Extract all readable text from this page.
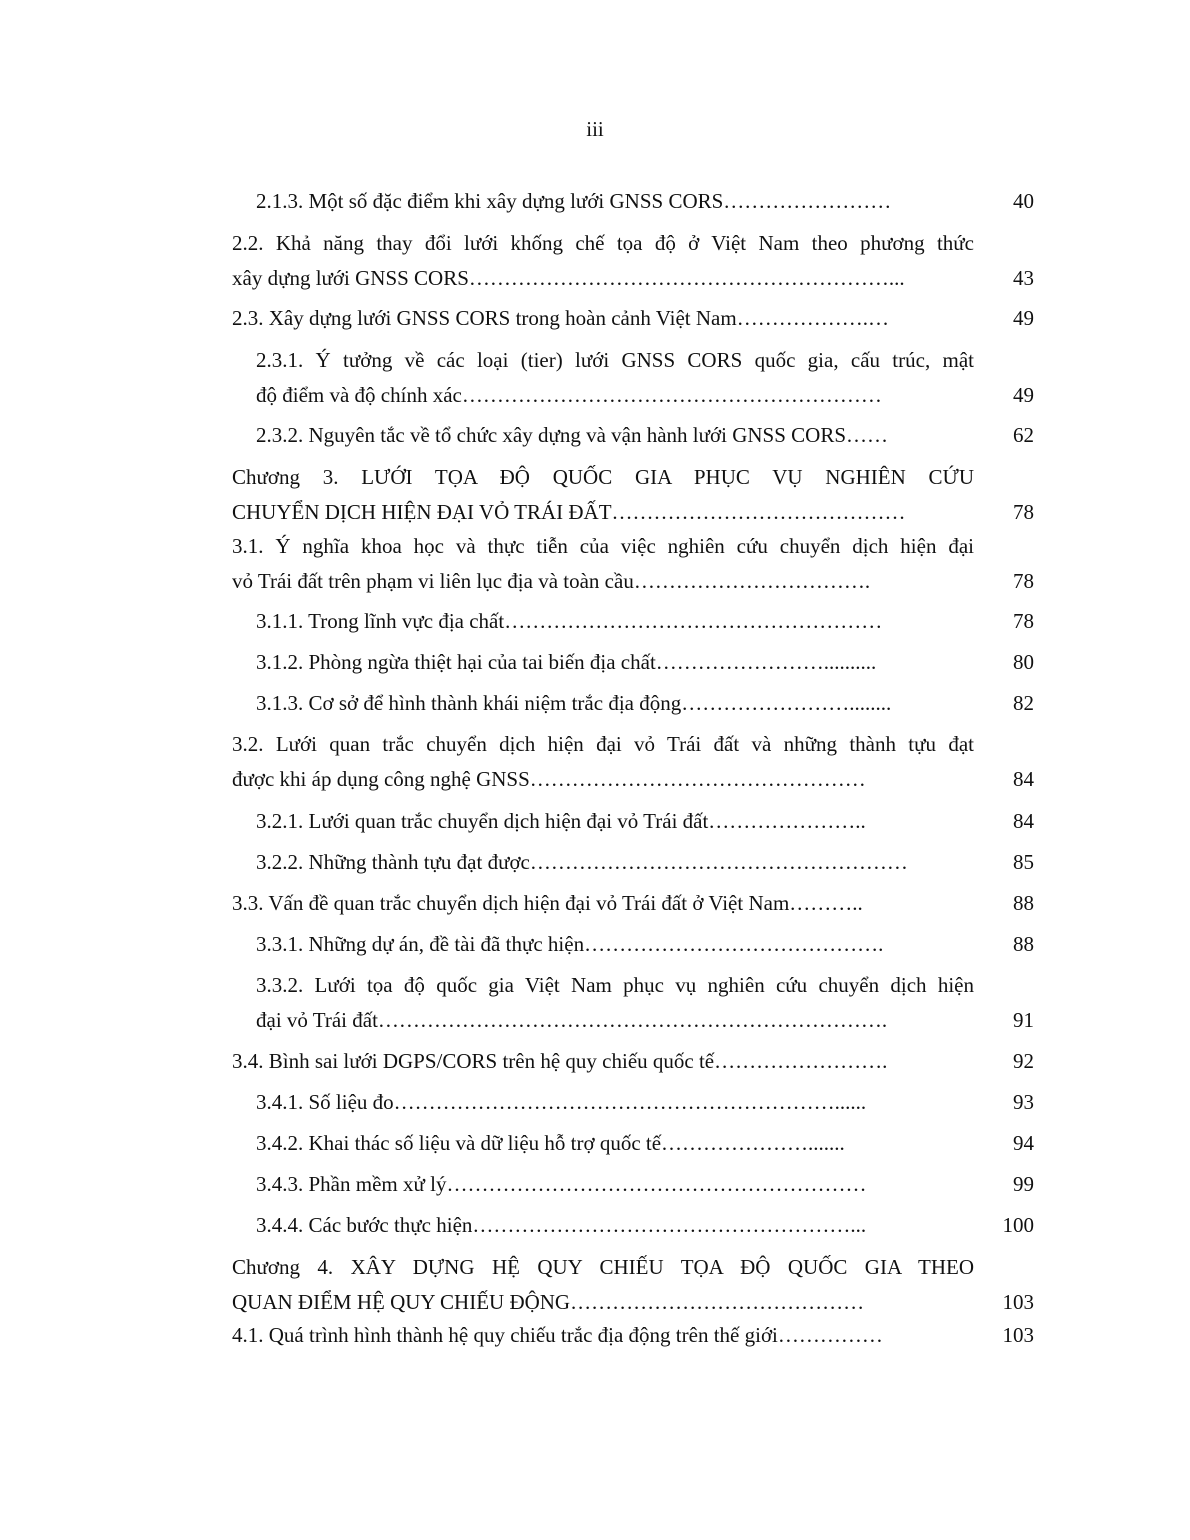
iii
2.1.3. Một số đặc điểm khi xây dựng lưới GNSS CORS……………………	40
2.2. Khả năng thay đổi lưới khống chế tọa độ ở Việt Nam theo phương thức
xây dựng lưới GNSS CORS……………………………………………………...	43
2.3. Xây dựng lưới GNSS CORS trong hoàn cảnh Việt Nam……………….…	49
2.3.1. Ý tưởng về các loại (tier) lưới GNSS CORS quốc gia, cấu trúc, mật
độ điểm và độ chính xác……………………………………………………	49
2.3.2. Nguyên tắc về tổ chức xây dựng và vận hành lưới GNSS CORS……	62
Chương 3. LƯỚI TỌA ĐỘ QUỐC GIA PHỤC VỤ NGHIÊN CỨU
CHUYỂN DỊCH HIỆN ĐẠI VỎ TRÁI ĐẤT……………………………………	78
3.1. Ý nghĩa khoa học và thực tiễn của việc nghiên cứu chuyển dịch hiện đại
vỏ Trái đất trên phạm vi liên lục địa và toàn cầu…………………………….	78
3.1.1. Trong lĩnh vực địa chất………………………………………………	78
3.1.2. Phòng ngừa thiệt hại của tai biến địa chất……………………..........	80
3.1.3. Cơ sở để hình thành khái niệm trắc địa động……………………........	82
3.2. Lưới quan trắc chuyển dịch hiện đại vỏ Trái đất và những thành tựu đạt
được khi áp dụng công nghệ GNSS…………………………………………	84
3.2.1. Lưới quan trắc chuyển dịch hiện đại vỏ Trái đất…………………..	84
3.2.2. Những thành tựu đạt được………………………………………………	85
3.3. Vấn đề quan trắc chuyển dịch hiện đại vỏ Trái đất ở Việt Nam………..	88
3.3.1. Những dự án, đề tài đã thực hiện…………………………………….	88
3.3.2. Lưới tọa độ quốc gia Việt Nam phục vụ nghiên cứu chuyển dịch hiện
đại vỏ Trái đất……………………………………………………………….	91
3.4. Bình sai lưới DGPS/CORS trên hệ quy chiếu quốc tế…………………….	92
3.4.1. Số liệu đo………………………………………………………......	93
3.4.2. Khai thác số liệu và dữ liệu hỗ trợ quốc tế………………….......	94
3.4.3. Phần mềm xử lý……………………………………………………	99
3.4.4. Các bước thực hiện………………………………………………...	100
Chương 4. XÂY DỰNG HỆ QUY CHIẾU TỌA ĐỘ QUỐC GIA THEO
QUAN ĐIỂM HỆ QUY CHIẾU ĐỘNG……………………………………	103
4.1. Quá trình hình thành hệ quy chiếu trắc địa động trên thế giới……………	103
